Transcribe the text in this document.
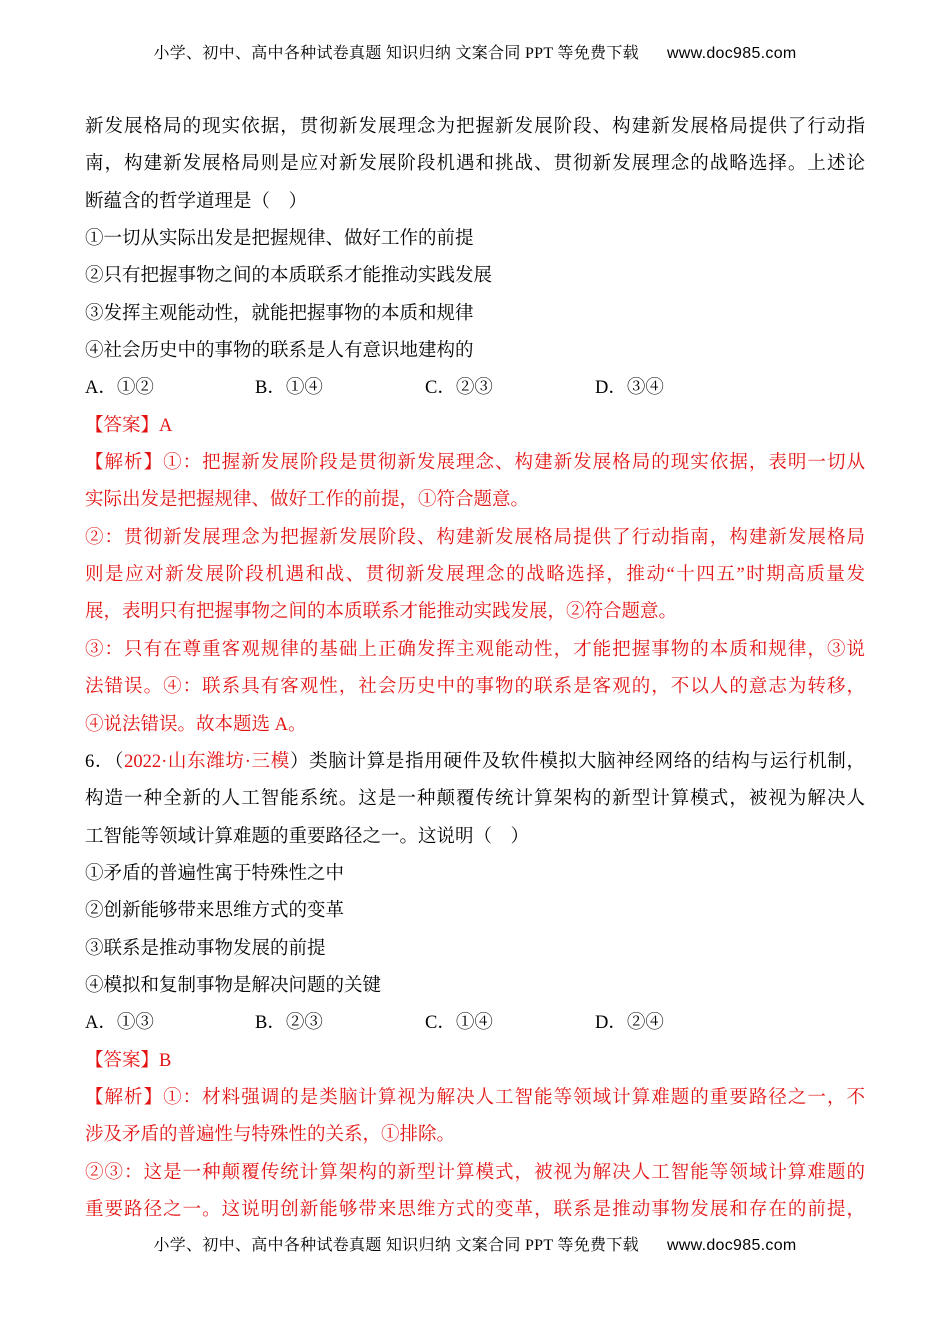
小学、初中、高中各种试卷真题 知识归纳 文案合同 PPT 等免费下载 www.doc985.com
新发展格局的现实依据，贯彻新发展理念为把握新发展阶段、构建新发展格局提供了行动指
南，构建新发展格局则是应对新发展阶段机遇和挑战、贯彻新发展理念的战略选择。上述论
断蕴含的哲学道理是（　）
①一切从实际出发是把握规律、做好工作的前提
②只有把握事物之间的本质联系才能推动实践发展
③发挥主观能动性，就能把握事物的本质和规律
④社会历史中的事物的联系是人有意识地建构的
A．①②	B．①④	C．②③	D．③④
【答案】A
【解析】①：把握新发展阶段是贯彻新发展理念、构建新发展格局的现实依据，表明一切从
实际出发是把握规律、做好工作的前提，①符合题意。
②：贯彻新发展理念为把握新发展阶段、构建新发展格局提供了行动指南，构建新发展格局
则是应对新发展阶段机遇和战、贯彻新发展理念的战略选择，推动“十四五”时期高质量发
展，表明只有把握事物之间的本质联系才能推动实践发展，②符合题意。
③：只有在尊重客观规律的基础上正确发挥主观能动性，才能把握事物的本质和规律，③说
法错误。④：联系具有客观性，社会历史中的事物的联系是客观的，不以人的意志为转移，
④说法错误。故本题选 A。
6．（2022·山东潍坊·三模）类脑计算是指用硬件及软件模拟大脑神经网络的结构与运行机制，
构造一种全新的人工智能系统。这是一种颠覆传统计算架构的新型计算模式，被视为解决人
工智能等领域计算难题的重要路径之一。这说明（　）
①矛盾的普遍性寓于特殊性之中
②创新能够带来思维方式的变革
③联系是推动事物发展的前提
④模拟和复制事物是解决问题的关键
A．①③	B．②③	C．①④	D．②④
【答案】B
【解析】①：材料强调的是类脑计算视为解决人工智能等领域计算难题的重要路径之一，不
涉及矛盾的普遍性与特殊性的关系，①排除。
②③：这是一种颠覆传统计算架构的新型计算模式，被视为解决人工智能等领域计算难题的
重要路径之一。这说明创新能够带来思维方式的变革，联系是推动事物发展和存在的前提，
小学、初中、高中各种试卷真题 知识归纳 文案合同 PPT 等免费下载 www.doc985.com
